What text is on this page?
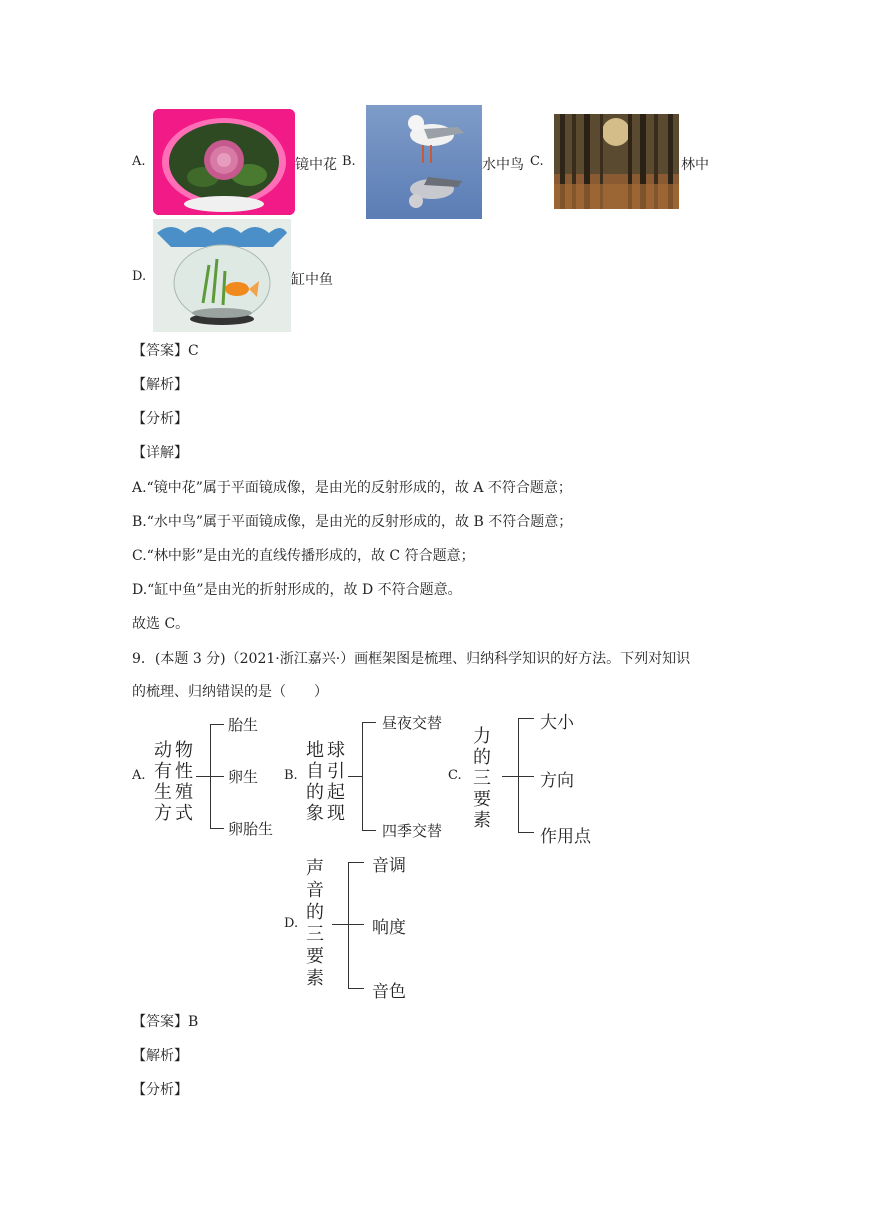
A.	镜中花 B.	水中鸟 C.	林中
D.	缸中鱼
【答案】C
【解析】
【分析】
【详解】
A.“镜中花”属于平面镜成像，是由光的反射形成的，故 A 不符合题意；
B.“水中鸟”属于平面镜成像，是由光的反射形成的，故 B 不符合题意；
C.“林中影”是由光的直线传播形成的，故 C 符合题意；
D.“缸中鱼”是由光的折射形成的，故 D 不符合题意。
故选 C。
9．(本题 3 分)（2021·浙江嘉兴·）画框架图是梳理、归纳科学知识的好方法。下列对知识
的梳理、归纳错误的是（　　）
A.
动
有
生
方
物
性
殖
式
胎生
卵生
卵胎生
B.
地
自
的
象
球
引
起
现
昼夜交替
四季交替
C.
力
的
三
要
素
大小
方向
作用点
D.
声
音
的
三
要
素
音调
响度
音色
【答案】B
【解析】
【分析】
